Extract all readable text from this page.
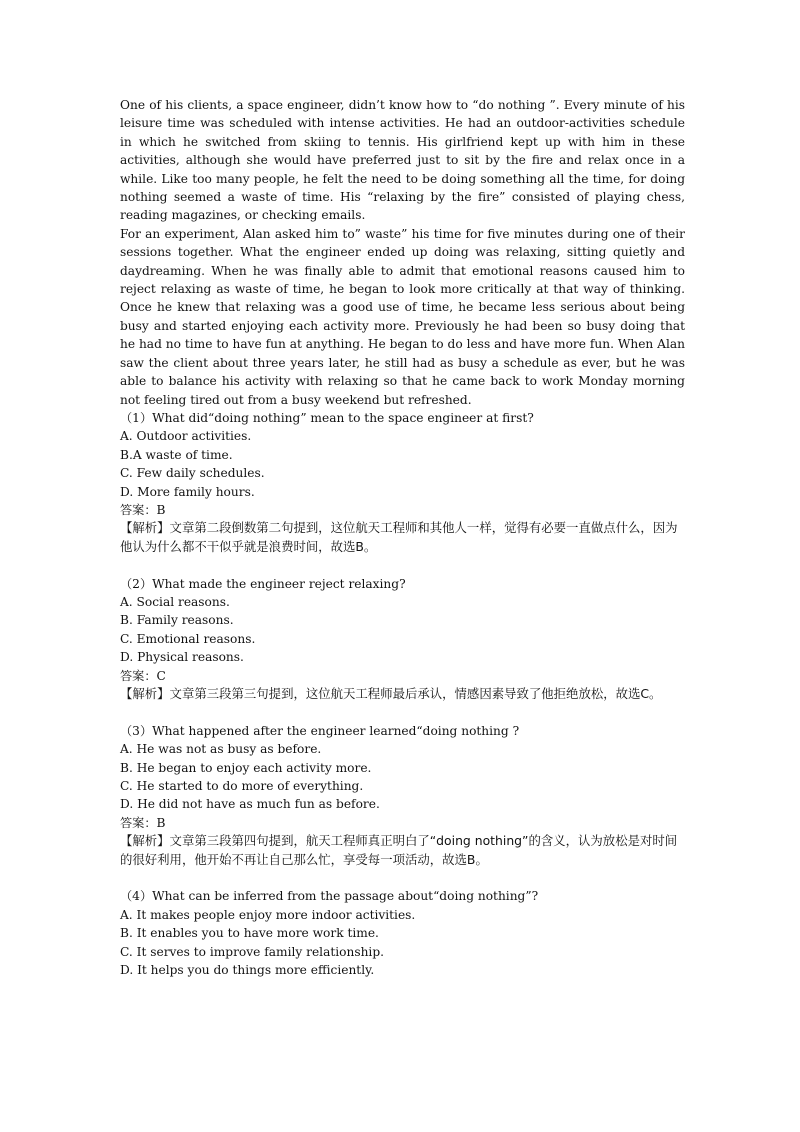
One of his clients, a space engineer, didn’t know how to “do nothing ”. Every minute of his leisure time was scheduled with intense activities. He had an outdoor-activities schedule in which he switched from skiing to tennis. His girlfriend kept up with him in these activities, although she would have preferred just to sit by the fire and relax once in a while. Like too many people, he felt the need to be doing something all the time, for doing nothing seemed a waste of time. His “relaxing by the fire” consisted of playing chess, reading magazines, or checking emails.

For an experiment, Alan asked him to” waste” his time for five minutes during one of their sessions together. What the engineer ended up doing was relaxing, sitting quietly and daydreaming. When he was finally able to admit that emotional reasons caused him to reject relaxing as waste of time, he began to look more critically at that way of thinking. Once he knew that relaxing was a good use of time, he became less serious about being busy and started enjoying each activity more. Previously he had been so busy doing that he had no time to have fun at anything. He began to do less and have more fun. When Alan saw the client about three years later, he still had as busy a schedule as ever, but he was able to balance his activity with relaxing so that he came back to work Monday morning not feeling tired out from a busy weekend but refreshed.

（1）What did“doing nothing” mean to the space engineer at first?

A. Outdoor activities.

B.A waste of time.

C. Few daily schedules.

D. More family hours.

答案：B

【解析】文章第二段倒数第二句提到，这位航天工程师和其他人一样，觉得有必要一直做点什么，因为他认为什么都不干似乎就是浪费时间，故选B。

（2）What made the engineer reject relaxing?

A. Social reasons.

B. Family reasons.

C. Emotional reasons.

D. Physical reasons.

答案：C

【解析】文章第三段第三句提到，这位航天工程师最后承认，情感因素导致了他拒绝放松，故选C。

（3）What happened after the engineer learned“doing nothing ?

A. He was not as busy as before.

B. He began to enjoy each activity more.

C. He started to do more of everything.

D. He did not have as much fun as before.

答案：B

【解析】文章第三段第四句提到，航天工程师真正明白了“doing nothing”的含义，认为放松是对时间的很好利用，他开始不再让自己那么忙，享受每一项活动，故选B。

（4）What can be inferred from the passage about“doing nothing”?

A. It makes people enjoy more indoor activities.

B. It enables you to have more work time.

C. It serves to improve family relationship.

D. It helps you do things more efficiently.
